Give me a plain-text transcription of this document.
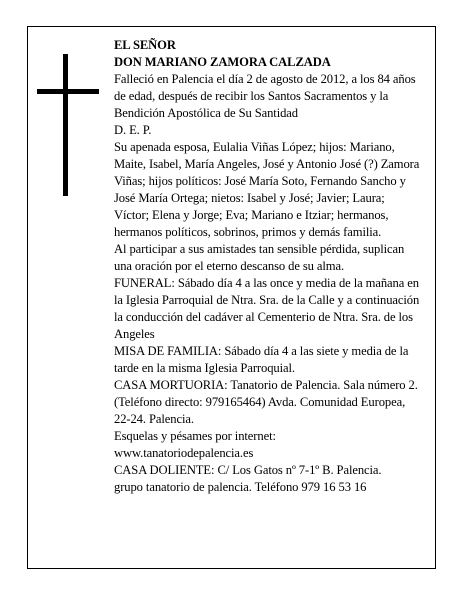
EL SEÑOR

DON MARIANO ZAMORA CALZADA

Falleció en Palencia el día 2 de agosto de 2012, a los 84 años de edad, después de recibir los Santos Sacramentos y la Bendición Apostólica de Su Santidad

D. E. P.

Su apenada esposa, Eulalia Viñas López; hijos: Mariano, Maite, Isabel, María Angeles, José y Antonio José (?) Zamora Viñas; hijos políticos: José María Soto, Fernando Sancho y José María Ortega; nietos: Isabel y José; Javier; Laura; Víctor; Elena y Jorge; Eva; Mariano e Itziar; hermanos, hermanos políticos, sobrinos, primos y demás familia.

Al participar a sus amistades tan sensible pérdida, suplican una oración por el eterno descanso de su alma.

FUNERAL: Sábado día 4 a las once y media de la mañana en la Iglesia Parroquial de Ntra. Sra. de la Calle y a continuación la conducción del cadáver al Cementerio de Ntra. Sra. de los Angeles

MISA DE FAMILIA: Sábado día 4 a las siete y media de la tarde en la misma Iglesia Parroquial.

CASA MORTUORIA: Tanatorio de Palencia. Sala número 2. (Teléfono directo: 979165464) Avda. Comunidad Europea, 22-24. Palencia.

Esquelas y pésames por internet:

www.tanatoriodepalencia.es

CASA DOLIENTE: C/ Los Gatos nº 7-1º B. Palencia.

grupo tanatorio de palencia. Teléfono 979 16 53 16
